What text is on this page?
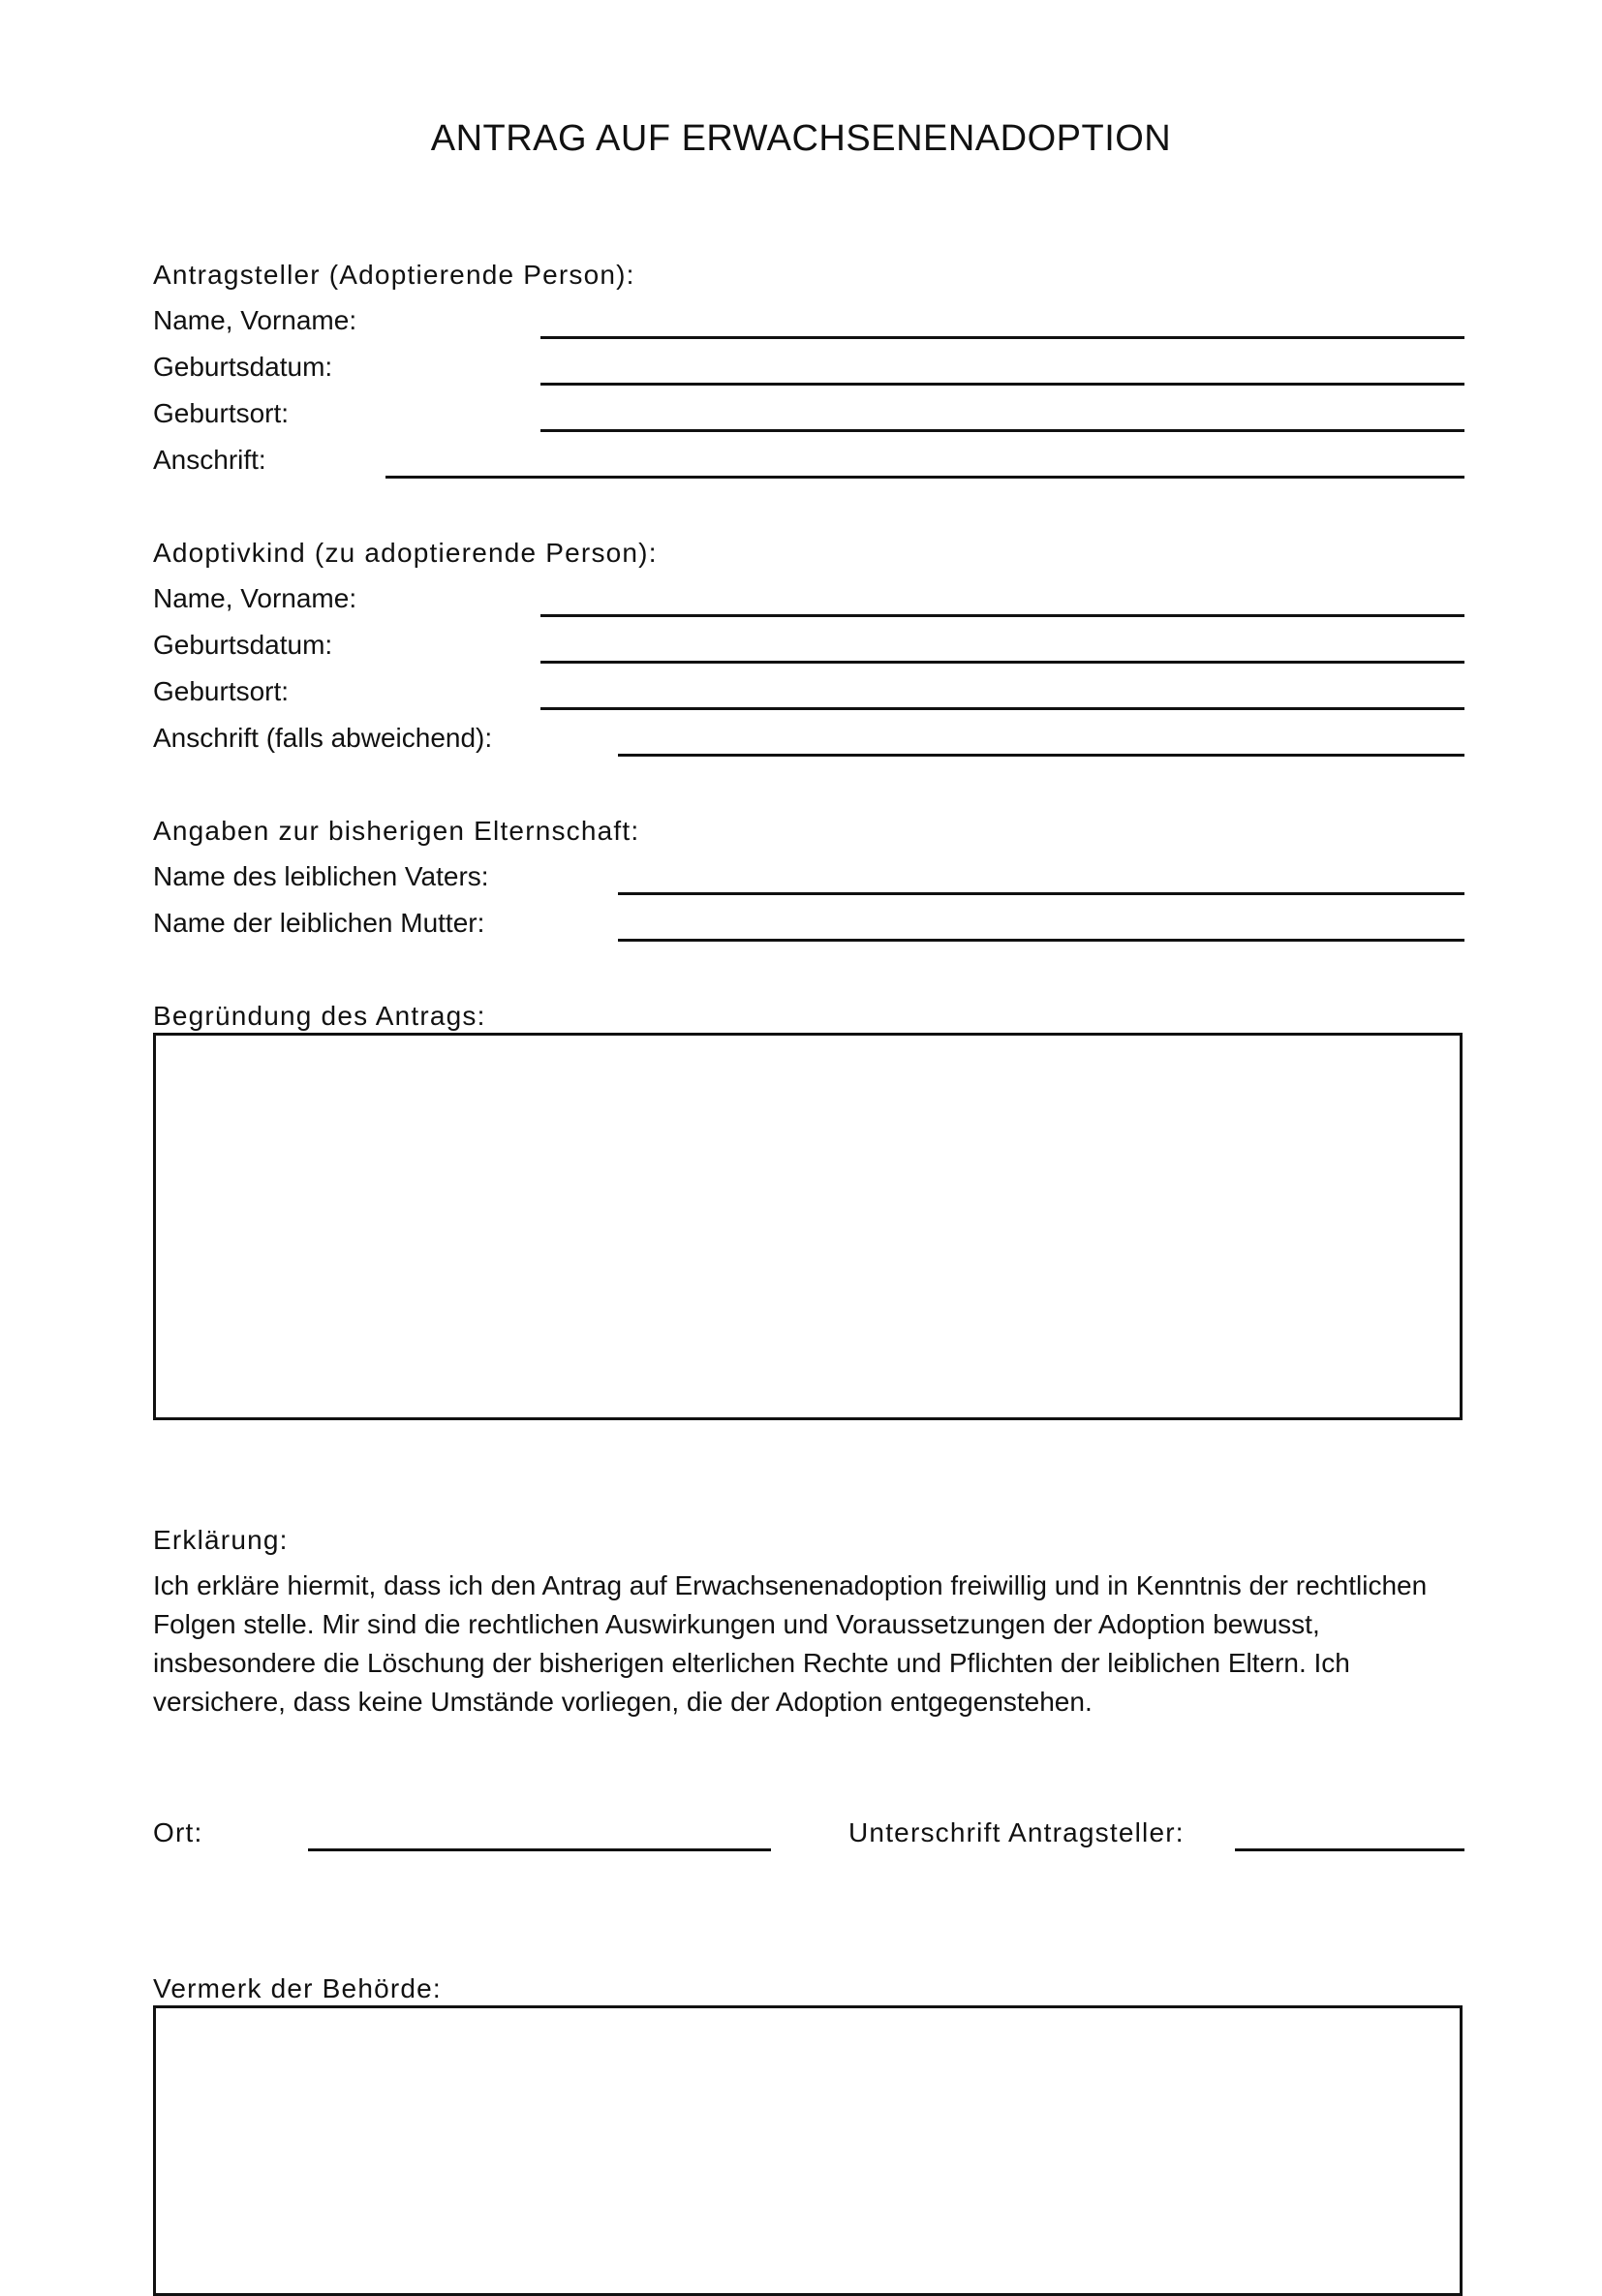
ANTRAG AUF ERWACHSENENADOPTION
Antragsteller (Adoptierende Person):
Name, Vorname:
Geburtsdatum:
Geburtsort:
Anschrift:
Adoptivkind (zu adoptierende Person):
Name, Vorname:
Geburtsdatum:
Geburtsort:
Anschrift (falls abweichend):
Angaben zur bisherigen Elternschaft:
Name des leiblichen Vaters:
Name der leiblichen Mutter:
Begründung des Antrags:
Erklärung:
Ich erkläre hiermit, dass ich den Antrag auf Erwachsenenadoption freiwillig und in Kenntnis der rechtlichen
Folgen stelle. Mir sind die rechtlichen Auswirkungen und Voraussetzungen der Adoption bewusst,
insbesondere die Löschung der bisherigen elterlichen Rechte und Pflichten der leiblichen Eltern. Ich
versichere, dass keine Umstände vorliegen, die der Adoption entgegenstehen.
Ort:	Unterschrift Antragsteller:
Vermerk der Behörde:
